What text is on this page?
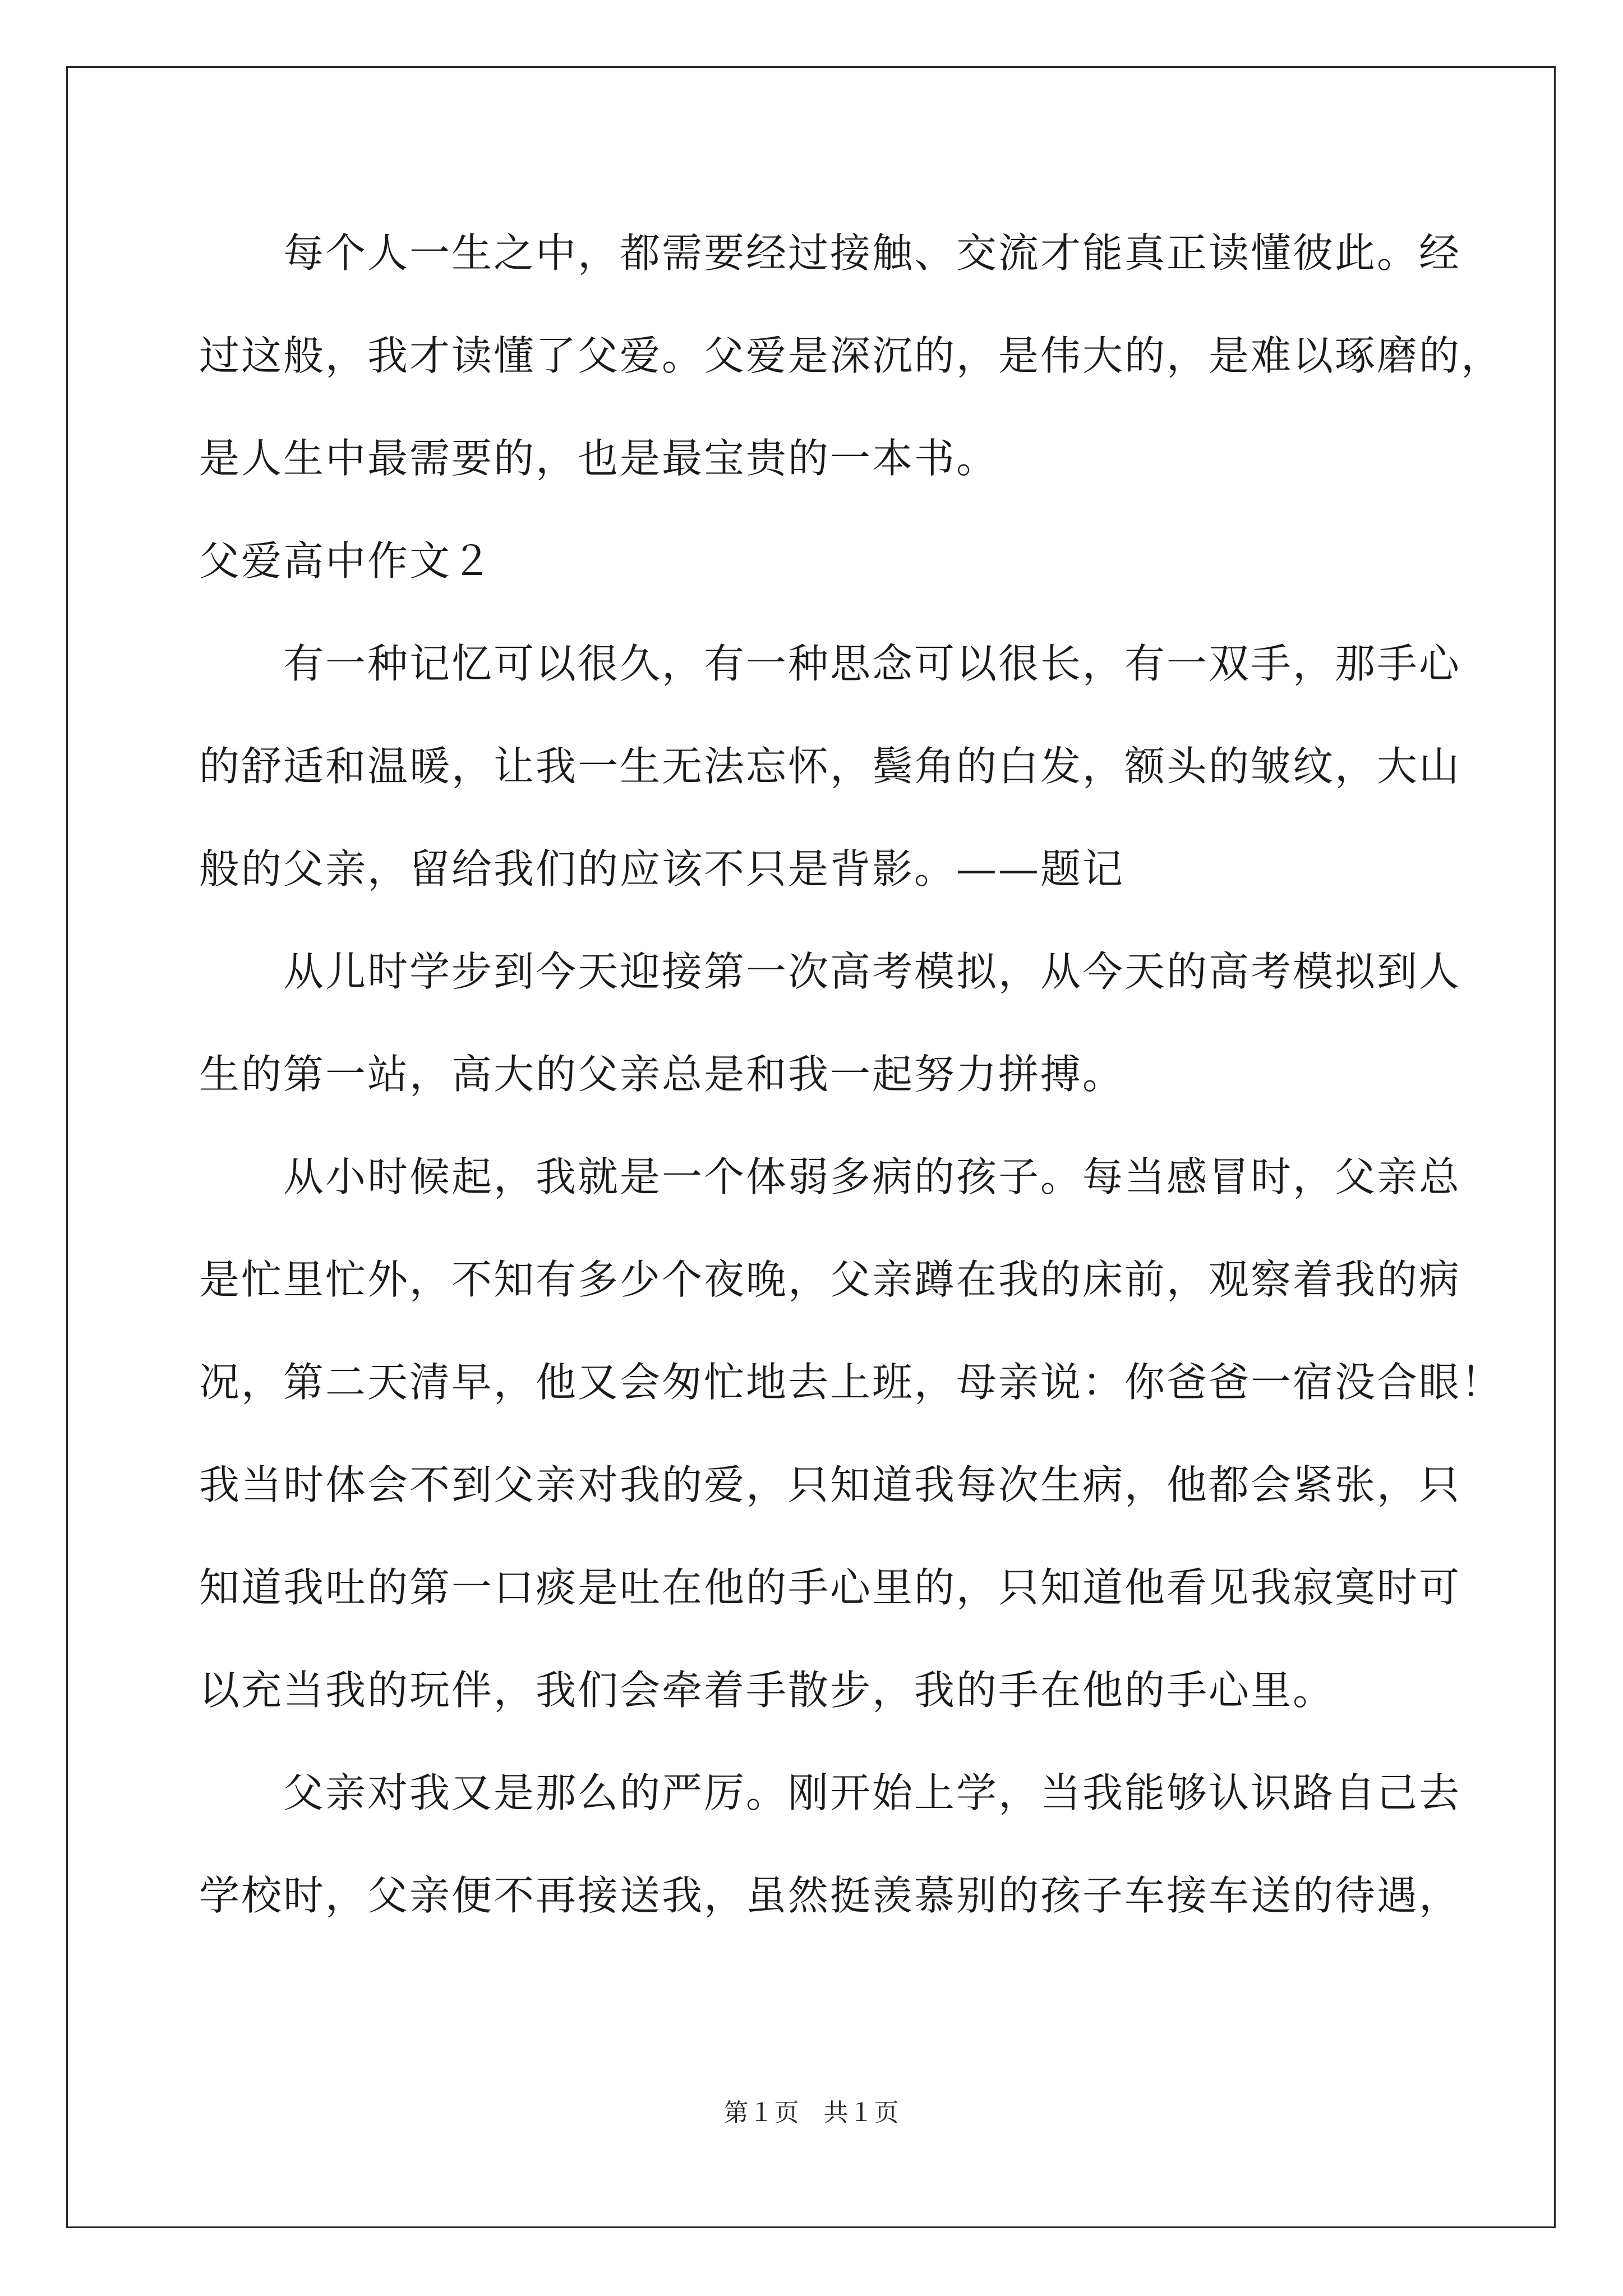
　　每个人一生之中，都需要经过接触、交流才能真正读懂彼此。经
过这般，我才读懂了父爱。父爱是深沉的，是伟大的，是难以琢磨的，
是人生中最需要的，也是最宝贵的一本书。
父爱高中作文２
　　有一种记忆可以很久，有一种思念可以很长，有一双手，那手心
的舒适和温暖，让我一生无法忘怀，鬓角的白发，额头的皱纹，大山
般的父亲，留给我们的应该不只是背影。——题记
　　从儿时学步到今天迎接第一次高考模拟，从今天的高考模拟到人
生的第一站，高大的父亲总是和我一起努力拼搏。
　　从小时候起，我就是一个体弱多病的孩子。每当感冒时，父亲总
是忙里忙外，不知有多少个夜晚，父亲蹲在我的床前，观察着我的病
况，第二天清早，他又会匆忙地去上班，母亲说：你爸爸一宿没合眼！
我当时体会不到父亲对我的爱，只知道我每次生病，他都会紧张，只
知道我吐的第一口痰是吐在他的手心里的，只知道他看见我寂寞时可
以充当我的玩伴，我们会牵着手散步，我的手在他的手心里。
　　父亲对我又是那么的严厉。刚开始上学，当我能够认识路自己去
学校时，父亲便不再接送我，虽然挺羡慕别的孩子车接车送的待遇，
第１页 共１页
